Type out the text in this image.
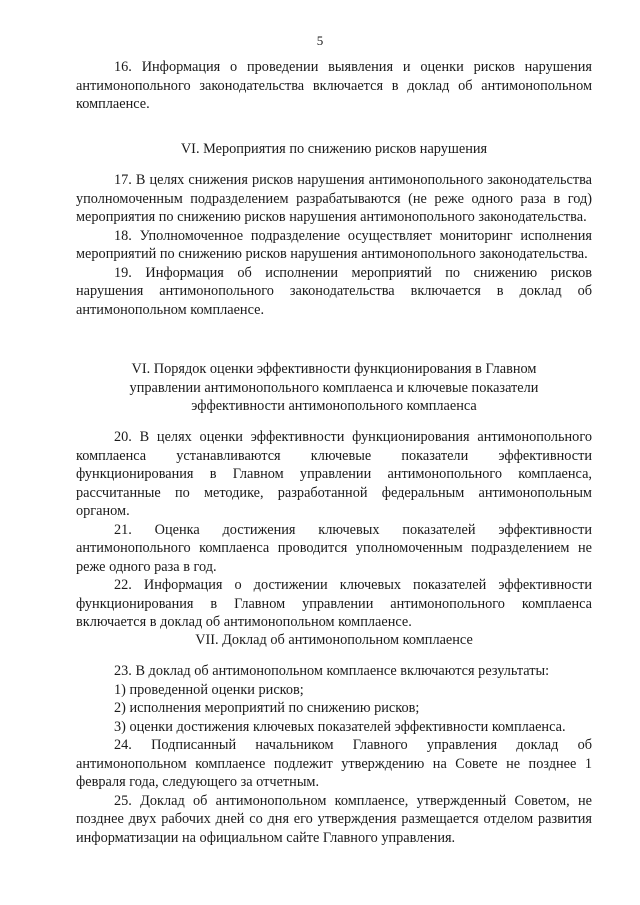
5

16. Информация о проведении выявления и оценки рисков нарушения антимонопольного законодательства включается в доклад об антимонопольном комплаенсе.

VI. Мероприятия по снижению рисков нарушения

17. В целях снижения рисков нарушения антимонопольного законодательства уполномоченным подразделением разрабатываются (не реже одного раза в год) мероприятия по снижению рисков нарушения антимонопольного законодательства.

18. Уполномоченное подразделение осуществляет мониторинг исполнения мероприятий по снижению рисков нарушения антимонопольного законодательства.

19. Информация об исполнении мероприятий по снижению рисков нарушения антимонопольного законодательства включается в доклад об антимонопольном комплаенсе.

VI. Порядок оценки эффективности функционирования в Главном
управлении антимонопольного комплаенса и ключевые показатели
эффективности антимонопольного комплаенса

20. В целях оценки эффективности функционирования антимонопольного комплаенса устанавливаются ключевые показатели эффективности функционирования в Главном управлении антимонопольного комплаенса, рассчитанные по методике, разработанной федеральным антимонопольным органом.

21. Оценка достижения ключевых показателей эффективности антимонопольного комплаенса проводится уполномоченным подразделением не реже одного раза в год.

22. Информация о достижении ключевых показателей эффективности функционирования в Главном управлении антимонопольного комплаенса включается в доклад об антимонопольном комплаенсе.

VII. Доклад об антимонопольном комплаенсе

23. В доклад об антимонопольном комплаенсе включаются результаты:

1) проведенной оценки рисков;

2) исполнения мероприятий по снижению рисков;

3) оценки достижения ключевых показателей эффективности комплаенса.

24. Подписанный начальником Главного управления доклад об антимонопольном комплаенсе подлежит утверждению на Совете не позднее 1 февраля года, следующего за отчетным.

25. Доклад об антимонопольном комплаенсе, утвержденный Советом, не позднее двух рабочих дней со дня его утверждения размещается отделом развития информатизации на официальном сайте Главного управления.
